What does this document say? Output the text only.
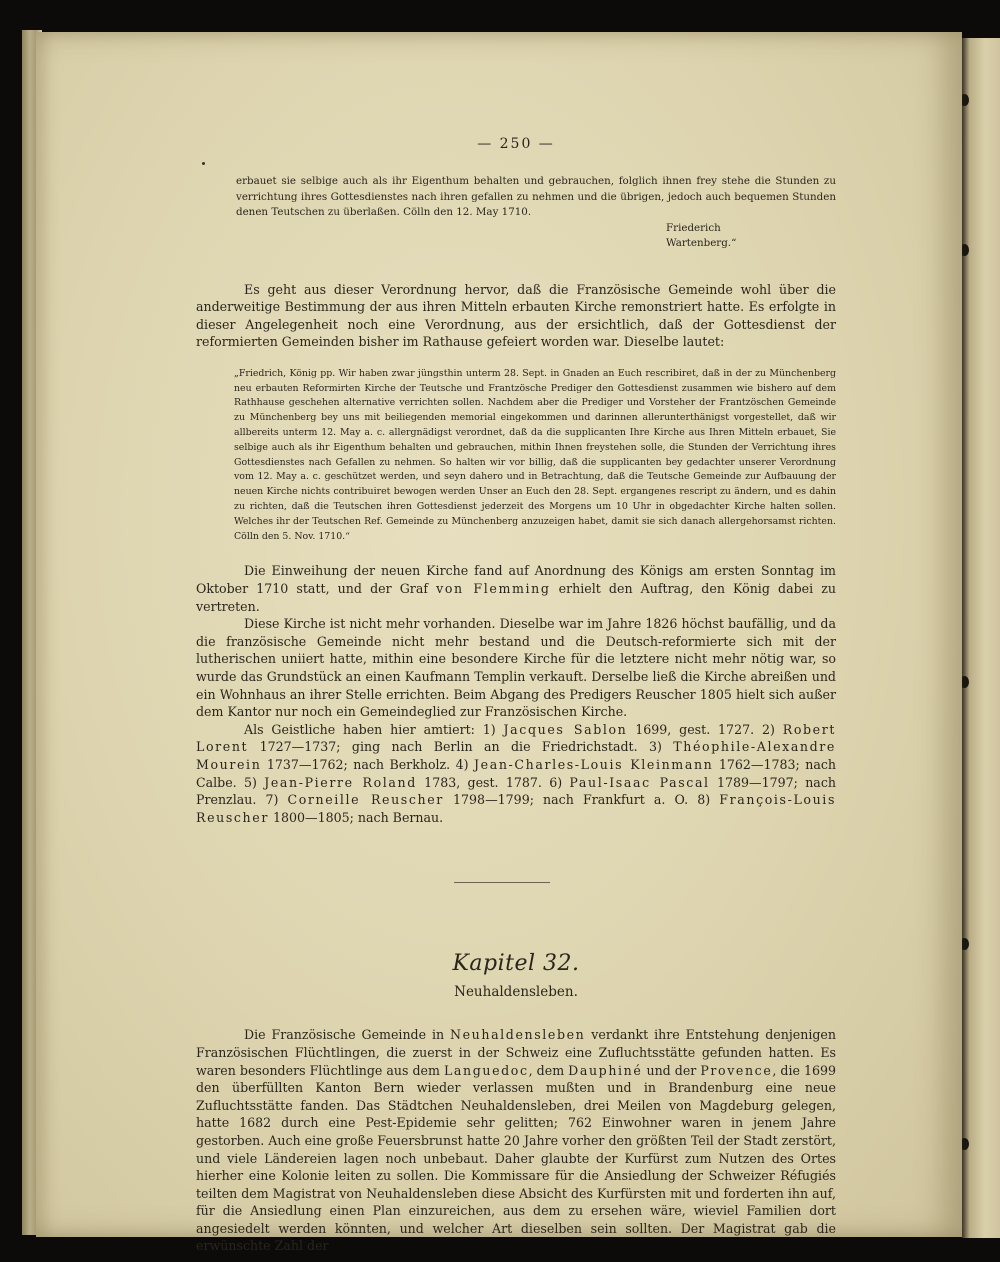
— 250 —
erbauet sie selbige auch als ihr Eigenthum behalten und gebrauchen, folglich ihnen frey stehe die Stunden zu verrichtung ihres Gottesdienstes nach ihren gefallen zu nehmen und die übrigen, jedoch auch bequemen Stunden denen Teutschen zu überlaßen. Cölln den 12. May 1710.
Friederich
Wartenberg.“

Es geht aus dieser Verordnung hervor, daß die Französische Gemeinde wohl über die anderweitige Bestimmung der aus ihren Mitteln erbauten Kirche remonstriert hatte. Es erfolgte in dieser Angelegenheit noch eine Verordnung, aus der ersichtlich, daß der Gottesdienst der reformierten Gemeinden bisher im Rathause gefeiert worden war. Dieselbe lautet:

„Friedrich, König pp. Wir haben zwar jüngsthin unterm 28. Sept. in Gnaden an Euch rescribiret, daß in der zu Münchenberg neu erbauten Reformirten Kirche der Teutsche und Frantzösche Prediger den Gottesdienst zusammen wie bishero auf dem Rathhause geschehen alternative verrichten sollen. Nachdem aber die Prediger und Vorsteher der Frantzöschen Gemeinde zu Münchenberg bey uns mit beiliegenden memorial eingekommen und darinnen allerunterthänigst vorgestellet, daß wir allbereits unterm 12. May a. c. allergnädigst verordnet, daß da die supplicanten Ihre Kirche aus Ihren Mitteln erbauet, Sie selbige auch als ihr Eigenthum behalten und gebrauchen, mithin Ihnen freystehen solle, die Stunden der Verrichtung ihres Gottesdienstes nach Gefallen zu nehmen. So halten wir vor billig, daß die supplicanten bey gedachter unserer Verordnung vom 12. May a. c. geschützet werden, und seyn dahero und in Betrachtung, daß die Teutsche Gemeinde zur Aufbauung der neuen Kirche nichts contribuiret bewogen werden Unser an Euch den 28. Sept. ergangenes rescript zu ändern, und es dahin zu richten, daß die Teutschen ihren Gottesdienst jederzeit des Morgens um 10 Uhr in obgedachter Kirche halten sollen. Welches ihr der Teutschen Ref. Gemeinde zu Münchenberg anzuzeigen habet, damit sie sich danach allergehorsamst richten. Cölln den 5. Nov. 1710.“

Die Einweihung der neuen Kirche fand auf Anordnung des Königs am ersten Sonntag im Oktober 1710 statt, und der Graf von Flemming erhielt den Auftrag, den König dabei zu vertreten.

Diese Kirche ist nicht mehr vorhanden. Dieselbe war im Jahre 1826 höchst baufällig, und da die französische Gemeinde nicht mehr bestand und die Deutsch-reformierte sich mit der lutherischen uniiert hatte, mithin eine besondere Kirche für die letztere nicht mehr nötig war, so wurde das Grundstück an einen Kaufmann Templin verkauft. Derselbe ließ die Kirche abreißen und ein Wohnhaus an ihrer Stelle errichten. Beim Abgang des Predigers Reuscher 1805 hielt sich außer dem Kantor nur noch ein Gemeindeglied zur Französischen Kirche.

Als Geistliche haben hier amtiert: 1) Jacques Sablon 1699, gest. 1727. 2) Robert Lorent 1727—1737; ging nach Berlin an die Friedrichstadt. 3) Théophile-Alexandre Mourein 1737—1762; nach Berkholz. 4) Jean-Charles-Louis Kleinmann 1762—1783; nach Calbe. 5) Jean-Pierre Roland 1783, gest. 1787. 6) Paul-Isaac Pascal 1789—1797; nach Prenzlau. 7) Corneille Reuscher 1798—1799; nach Frankfurt a. O. 8) François-Louis Reuscher 1800—1805; nach Bernau.

Kapitel 32.
Neuhaldensleben.

Die Französische Gemeinde in Neuhaldensleben verdankt ihre Entstehung denjenigen Französischen Flüchtlingen, die zuerst in der Schweiz eine Zufluchtsstätte gefunden hatten. Es waren besonders Flüchtlinge aus dem Languedoc, dem Dauphiné und der Provence, die 1699 den überfüllten Kanton Bern wieder verlassen mußten und in Brandenburg eine neue Zufluchtsstätte fanden. Das Städtchen Neuhaldensleben, drei Meilen von Magdeburg gelegen, hatte 1682 durch eine Pest-Epidemie sehr gelitten; 762 Einwohner waren in jenem Jahre gestorben. Auch eine große Feuersbrunst hatte 20 Jahre vorher den größten Teil der Stadt zerstört, und viele Ländereien lagen noch unbebaut. Daher glaubte der Kurfürst zum Nutzen des Ortes hierher eine Kolonie leiten zu sollen. Die Kommissare für die Ansiedlung der Schweizer Réfugiés teilten dem Magistrat von Neuhaldensleben diese Absicht des Kurfürsten mit und forderten ihn auf, für die Ansiedlung einen Plan einzureichen, aus dem zu ersehen wäre, wieviel Familien dort angesiedelt werden könnten, und welcher Art dieselben sein sollten. Der Magistrat gab die erwünschte Zahl der
